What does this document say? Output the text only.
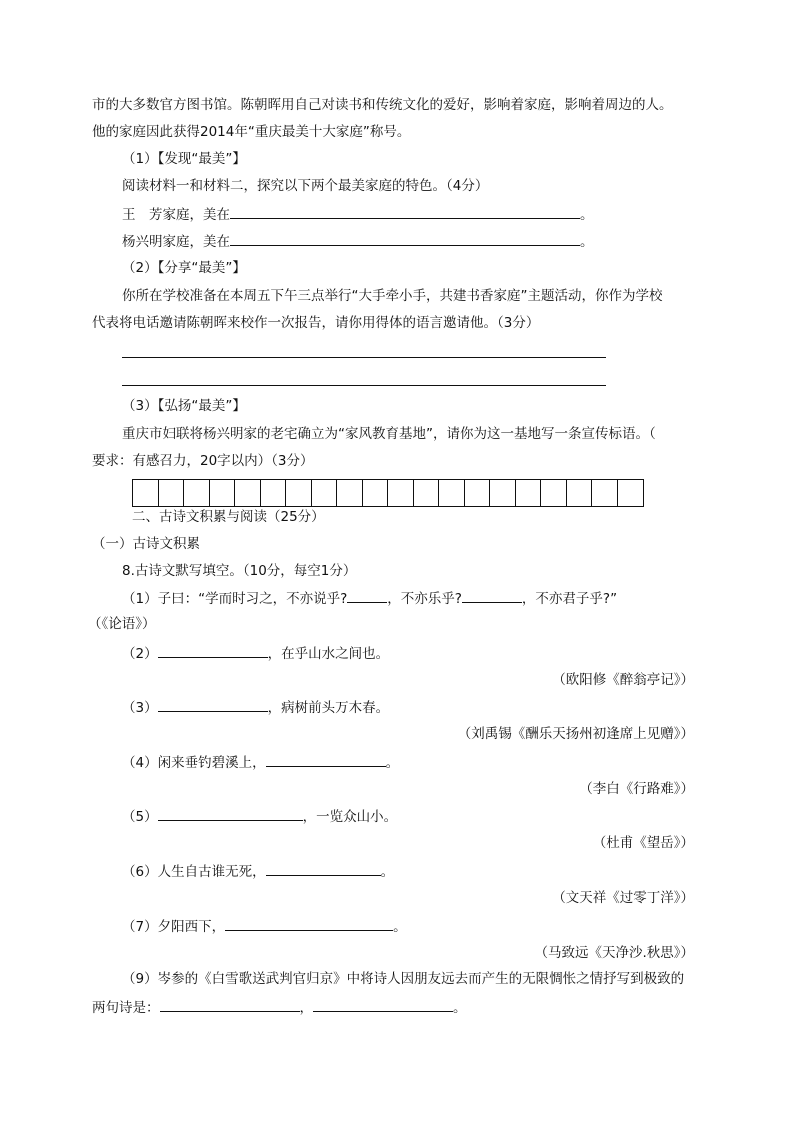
市的大多数官方图书馆。陈朝晖用自己对读书和传统文化的爱好，影响着家庭，影响着周边的人。
他的家庭因此获得2014年“重庆最美十大家庭”称号。
（1）【发现“最美”】
阅读材料一和材料二，探究以下两个最美家庭的特色。（4分）
王　芳家庭，美在	。
杨兴明家庭，美在	。
（2）【分享“最美”】
你所在学校准备在本周五下午三点举行“大手牵小手，共建书香家庭”主题活动，你作为学校
代表将电话邀请陈朝晖来校作一次报告，请你用得体的语言邀请他。（3分）
（3）【弘扬“最美”】
重庆市妇联将杨兴明家的老宅确立为“家风教育基地”，请你为这一基地写一条宣传标语。（
要求：有感召力，20字以内）（3分）
二、古诗文积累与阅读（25分）
（一）古诗文积累
8.古诗文默写填空。（10分，每空1分）
（1）子曰：“学而时习之，不亦说乎?	，不亦乐乎?	，不亦君子乎?”
（《论语》）
（2）	，在乎山水之间也。
（欧阳修《醉翁亭记》）
（3）	，病树前头万木春。
（刘禹锡《酬乐天扬州初逢席上见赠》）
（4）闲来垂钓碧溪上，	。
（李白《行路难》）
（5）	，一览众山小。
（杜甫《望岳》）
（6）人生自古谁无死，	。
（文天祥《过零丁洋》）
（7）夕阳西下，	。
（马致远《天净沙.秋思》）
（9）岑参的《白雪歌送武判官归京》中将诗人因朋友远去而产生的无限惆怅之情抒写到极致的
两句诗是：	，	。
